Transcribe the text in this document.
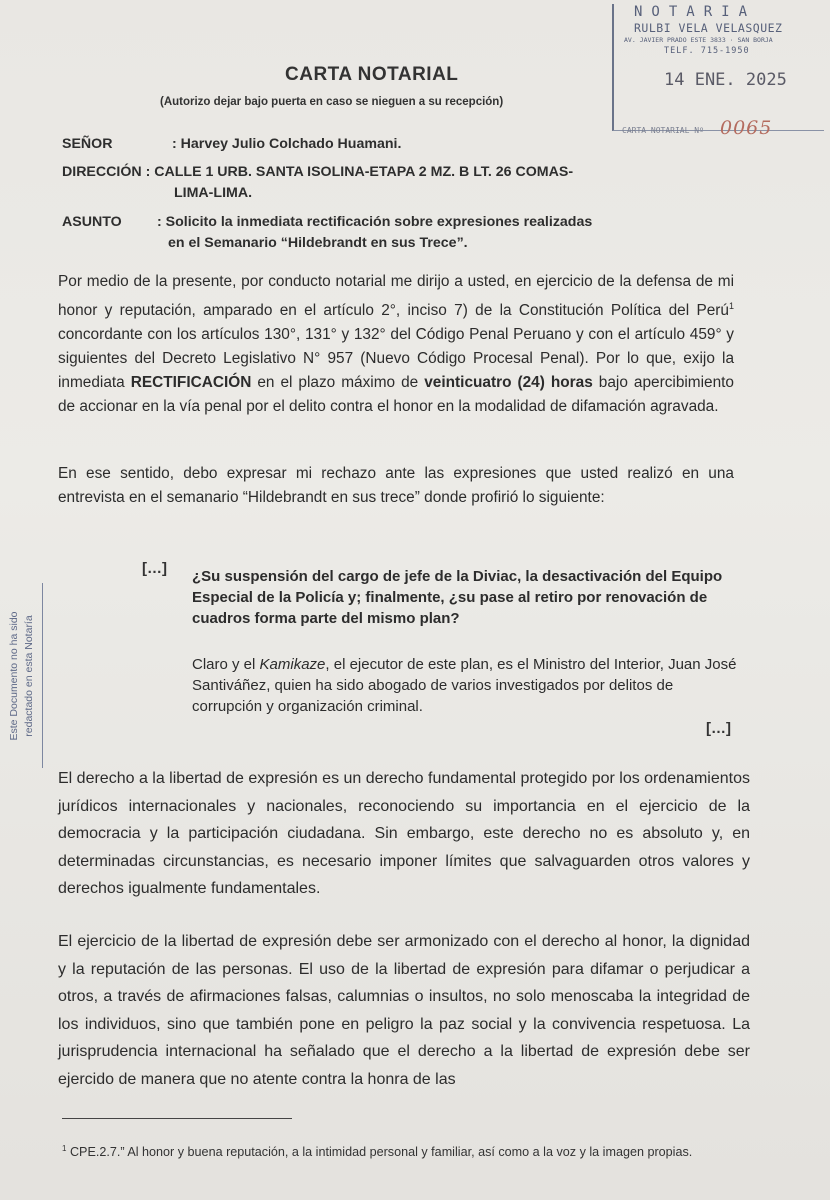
NOTARIA
RULBI VELA VELASQUEZ
AV. JAVIER PRADO ESTE 3833 · SAN BORJA
TELF. 715-1950
14 ENE. 2025
CARTA NOTARIAL Nº 0065
CARTA NOTARIAL
(Autorizo dejar bajo puerta en caso se nieguen a su recepción)
SEÑOR	: Harvey Julio Colchado Huamani.
DIRECCIÓN : CALLE 1 URB. SANTA ISOLINA-ETAPA 2 MZ. B LT. 26 COMAS-
LIMA-LIMA.
ASUNTO : Solicito la inmediata rectificación sobre expresiones realizadas
en el Semanario “Hildebrandt en sus Trece”.
Por medio de la presente, por conducto notarial me dirijo a usted, en ejercicio de la defensa de mi honor y reputación, amparado en el artículo 2°, inciso 7) de la Constitución Política del Perú$^1$ concordante con los artículos 130°, 131° y 132° del Código Penal Peruano y con el artículo 459° y siguientes del Decreto Legislativo N° 957 (Nuevo Código Procesal Penal). Por lo que, exijo la inmediata RECTIFICACIÓN en el plazo máximo de veinticuatro (24) horas bajo apercibimiento de accionar en la vía penal por el delito contra el honor en la modalidad de difamación agravada.
En ese sentido, debo expresar mi rechazo ante las expresiones que usted realizó en una entrevista en el semanario “Hildebrandt en sus trece” donde profirió lo siguiente:
[…] ¿Su suspensión del cargo de jefe de la Diviac, la desactivación del Equipo Especial de la Policía y; finalmente, ¿su pase al retiro por renovación de cuadros forma parte del mismo plan?
Claro y el Kamikaze, el ejecutor de este plan, es el Ministro del Interior, Juan José Santiváñez, quien ha sido abogado de varios investigados por delitos de corrupción y organización criminal.
[…]
Este Documento no ha sido redactado en esta Notaría
El derecho a la libertad de expresión es un derecho fundamental protegido por los ordenamientos jurídicos internacionales y nacionales, reconociendo su importancia en el ejercicio de la democracia y la participación ciudadana. Sin embargo, este derecho no es absoluto y, en determinadas circunstancias, es necesario imponer límites que salvaguarden otros valores y derechos igualmente fundamentales.
El ejercicio de la libertad de expresión debe ser armonizado con el derecho al honor, la dignidad y la reputación de las personas. El uso de la libertad de expresión para difamar o perjudicar a otros, a través de afirmaciones falsas, calumnias o insultos, no solo menoscaba la integridad de los individuos, sino que también pone en peligro la paz social y la convivencia respetuosa. La jurisprudencia internacional ha señalado que el derecho a la libertad de expresión debe ser ejercido de manera que no atente contra la honra de las
$^1$ CPE.2.7.” Al honor y buena reputación, a la intimidad personal y familiar, así como a la voz y la imagen propias.
